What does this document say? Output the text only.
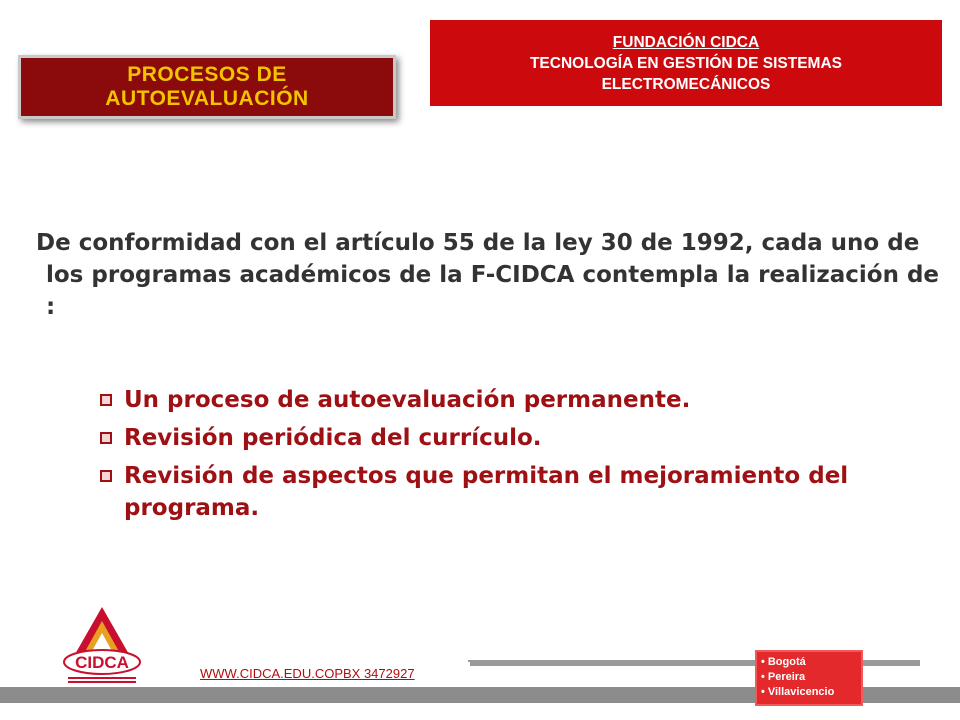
PROCESOS DE
AUTOEVALUACIÓN
FUNDACIÓN CIDCA
TECNOLOGÍA EN GESTIÓN DE SISTEMAS
ELECTROMECÁNICOS

De conformidad con el artículo 55 de la ley 30 de 1992, cada uno de los programas académicos de la F-CIDCA contempla la realización de :

Un proceso de autoevaluación permanente.
Revisión periódica del currículo.
Revisión de aspectos que permitan el mejoramiento del programa.
CIDCA
WWW.CIDCA.EDU.COPBX 3472927
• Bogotá
• Pereira
• Villavicencio
